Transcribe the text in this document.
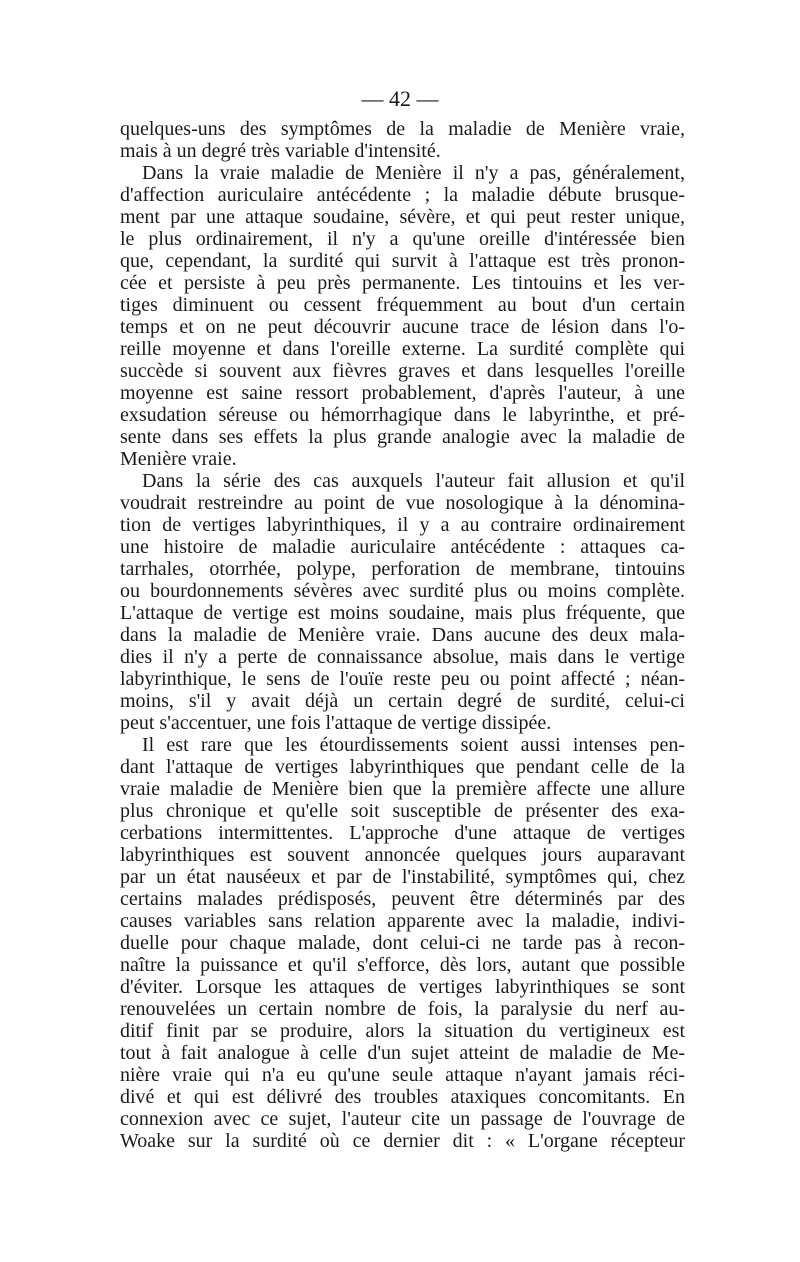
— 42 —
quelques-uns des symptômes de la maladie de Menière vraie,
mais à un degré très variable d'intensité.
Dans la vraie maladie de Menière il n'y a pas, généralement,
d'affection auriculaire antécédente ; la maladie débute brusque-
ment par une attaque soudaine, sévère, et qui peut rester unique,
le plus ordinairement, il n'y a qu'une oreille d'intéressée bien
que, cependant, la surdité qui survit à l'attaque est très pronon-
cée et persiste à peu près permanente. Les tintouins et les ver-
tiges diminuent ou cessent fréquemment au bout d'un certain
temps et on ne peut découvrir aucune trace de lésion dans l'o-
reille moyenne et dans l'oreille externe. La surdité complète qui
succède si souvent aux fièvres graves et dans lesquelles l'oreille
moyenne est saine ressort probablement, d'après l'auteur, à une
exsudation séreuse ou hémorrhagique dans le labyrinthe, et pré-
sente dans ses effets la plus grande analogie avec la maladie de
Menière vraie.
Dans la série des cas auxquels l'auteur fait allusion et qu'il
voudrait restreindre au point de vue nosologique à la dénomina-
tion de vertiges labyrinthiques, il y a au contraire ordinairement
une histoire de maladie auriculaire antécédente : attaques ca-
tarrhales, otorrhée, polype, perforation de membrane, tintouins
ou bourdonnements sévères avec surdité plus ou moins complète.
L'attaque de vertige est moins soudaine, mais plus fréquente, que
dans la maladie de Menière vraie. Dans aucune des deux mala-
dies il n'y a perte de connaissance absolue, mais dans le vertige
labyrinthique, le sens de l'ouïe reste peu ou point affecté ; néan-
moins, s'il y avait déjà un certain degré de surdité, celui-ci
peut s'accentuer, une fois l'attaque de vertige dissipée.
Il est rare que les étourdissements soient aussi intenses pen-
dant l'attaque de vertiges labyrinthiques que pendant celle de la
vraie maladie de Menière bien que la première affecte une allure
plus chronique et qu'elle soit susceptible de présenter des exa-
cerbations intermittentes. L'approche d'une attaque de vertiges
labyrinthiques est souvent annoncée quelques jours auparavant
par un état nauséeux et par de l'instabilité, symptômes qui, chez
certains malades prédisposés, peuvent être déterminés par des
causes variables sans relation apparente avec la maladie, indivi-
duelle pour chaque malade, dont celui-ci ne tarde pas à recon-
naître la puissance et qu'il s'efforce, dès lors, autant que possible
d'éviter. Lorsque les attaques de vertiges labyrinthiques se sont
renouvelées un certain nombre de fois, la paralysie du nerf au-
ditif finit par se produire, alors la situation du vertigineux est
tout à fait analogue à celle d'un sujet atteint de maladie de Me-
nière vraie qui n'a eu qu'une seule attaque n'ayant jamais réci-
divé et qui est délivré des troubles ataxiques concomitants. En
connexion avec ce sujet, l'auteur cite un passage de l'ouvrage de
Woake sur la surdité où ce dernier dit : « L'organe récepteur
